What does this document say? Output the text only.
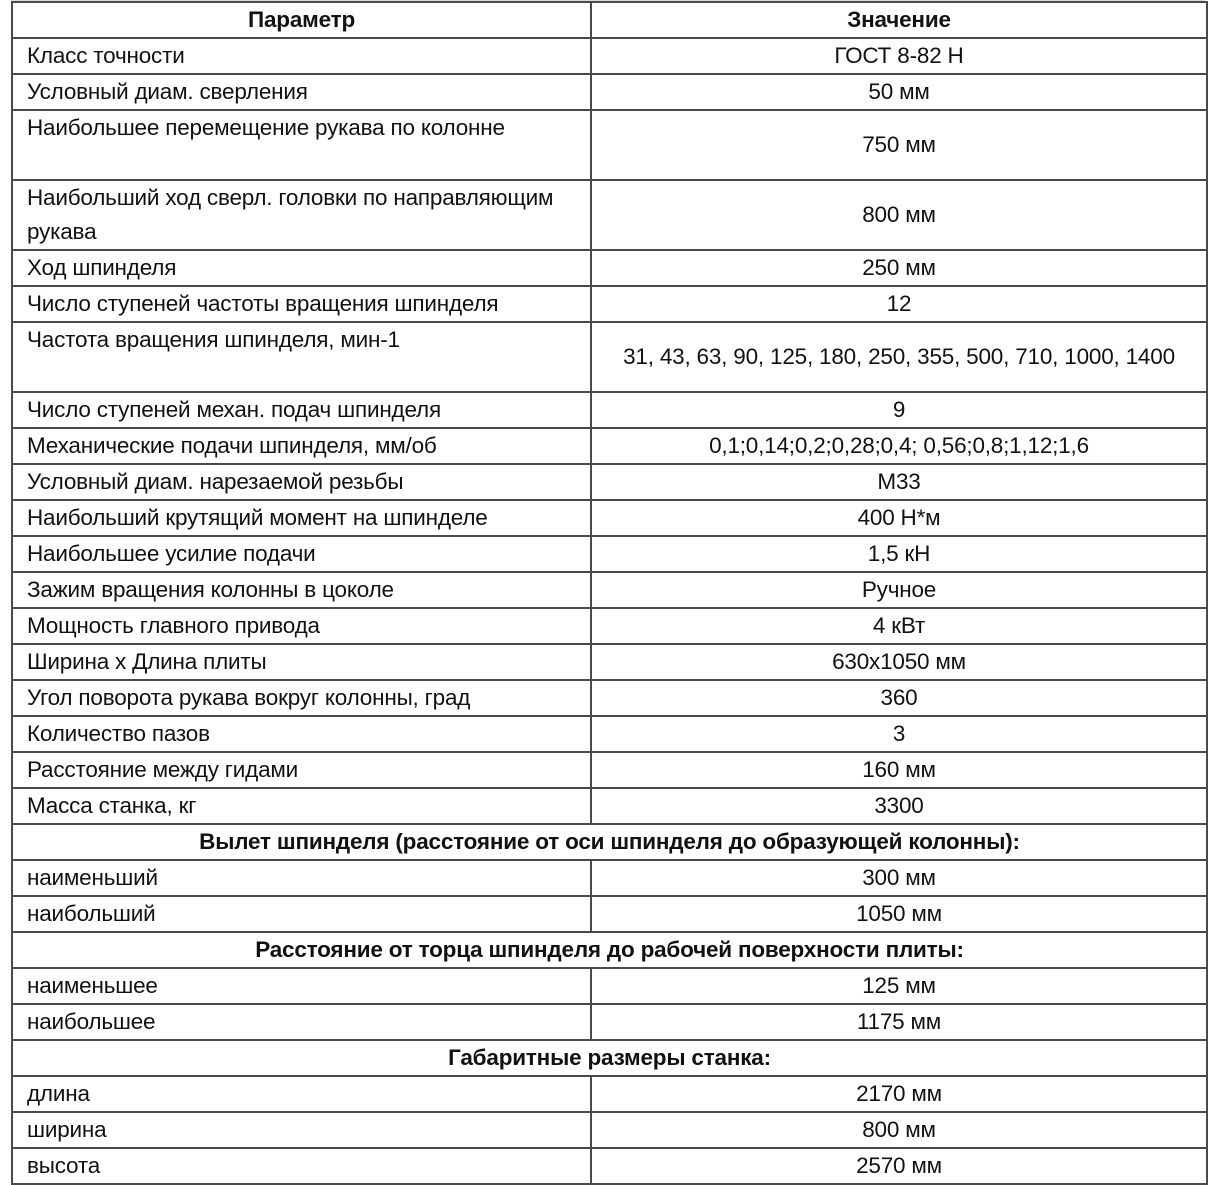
Параметр	Значение
Класс точности	ГОСТ 8-82 Н
Условный диам. сверления	50 мм
Наибольшее перемещение рукава по колонне	750 мм
Наибольший ход сверл. головки по направляющим рукава	800 мм
Ход шпинделя	250 мм
Число ступеней частоты вращения шпинделя	12
Частота вращения шпинделя, мин-1	31, 43, 63, 90, 125, 180, 250, 355, 500, 710, 1000, 1400
Число ступеней механ. подач шпинделя	9
Механические подачи шпинделя, мм/об	0,1;0,14;0,2;0,28;0,4; 0,56;0,8;1,12;1,6
Условный диам. нарезаемой резьбы	М33
Наибольший крутящий момент на шпинделе	400 Н*м
Наибольшее усилие подачи	1,5 кН
Зажим вращения колонны в цоколе	Ручное
Мощность главного привода	4 кВт
Ширина х Длина плиты	630х1050 мм
Угол поворота рукава вокруг колонны, град	360
Количество пазов	3
Расстояние между гидами	160 мм
Масса станка, кг	3300
Вылет шпинделя (расстояние от оси шпинделя до образующей колонны):	
наименьший	300 мм
наибольший	1050 мм
Расстояние от торца шпинделя до рабочей поверхности плиты:	
наименьшее	125 мм
наибольшее	1175 мм
Габаритные размеры станка:	
длина	2170 мм
ширина	800 мм
высота	2570 мм
